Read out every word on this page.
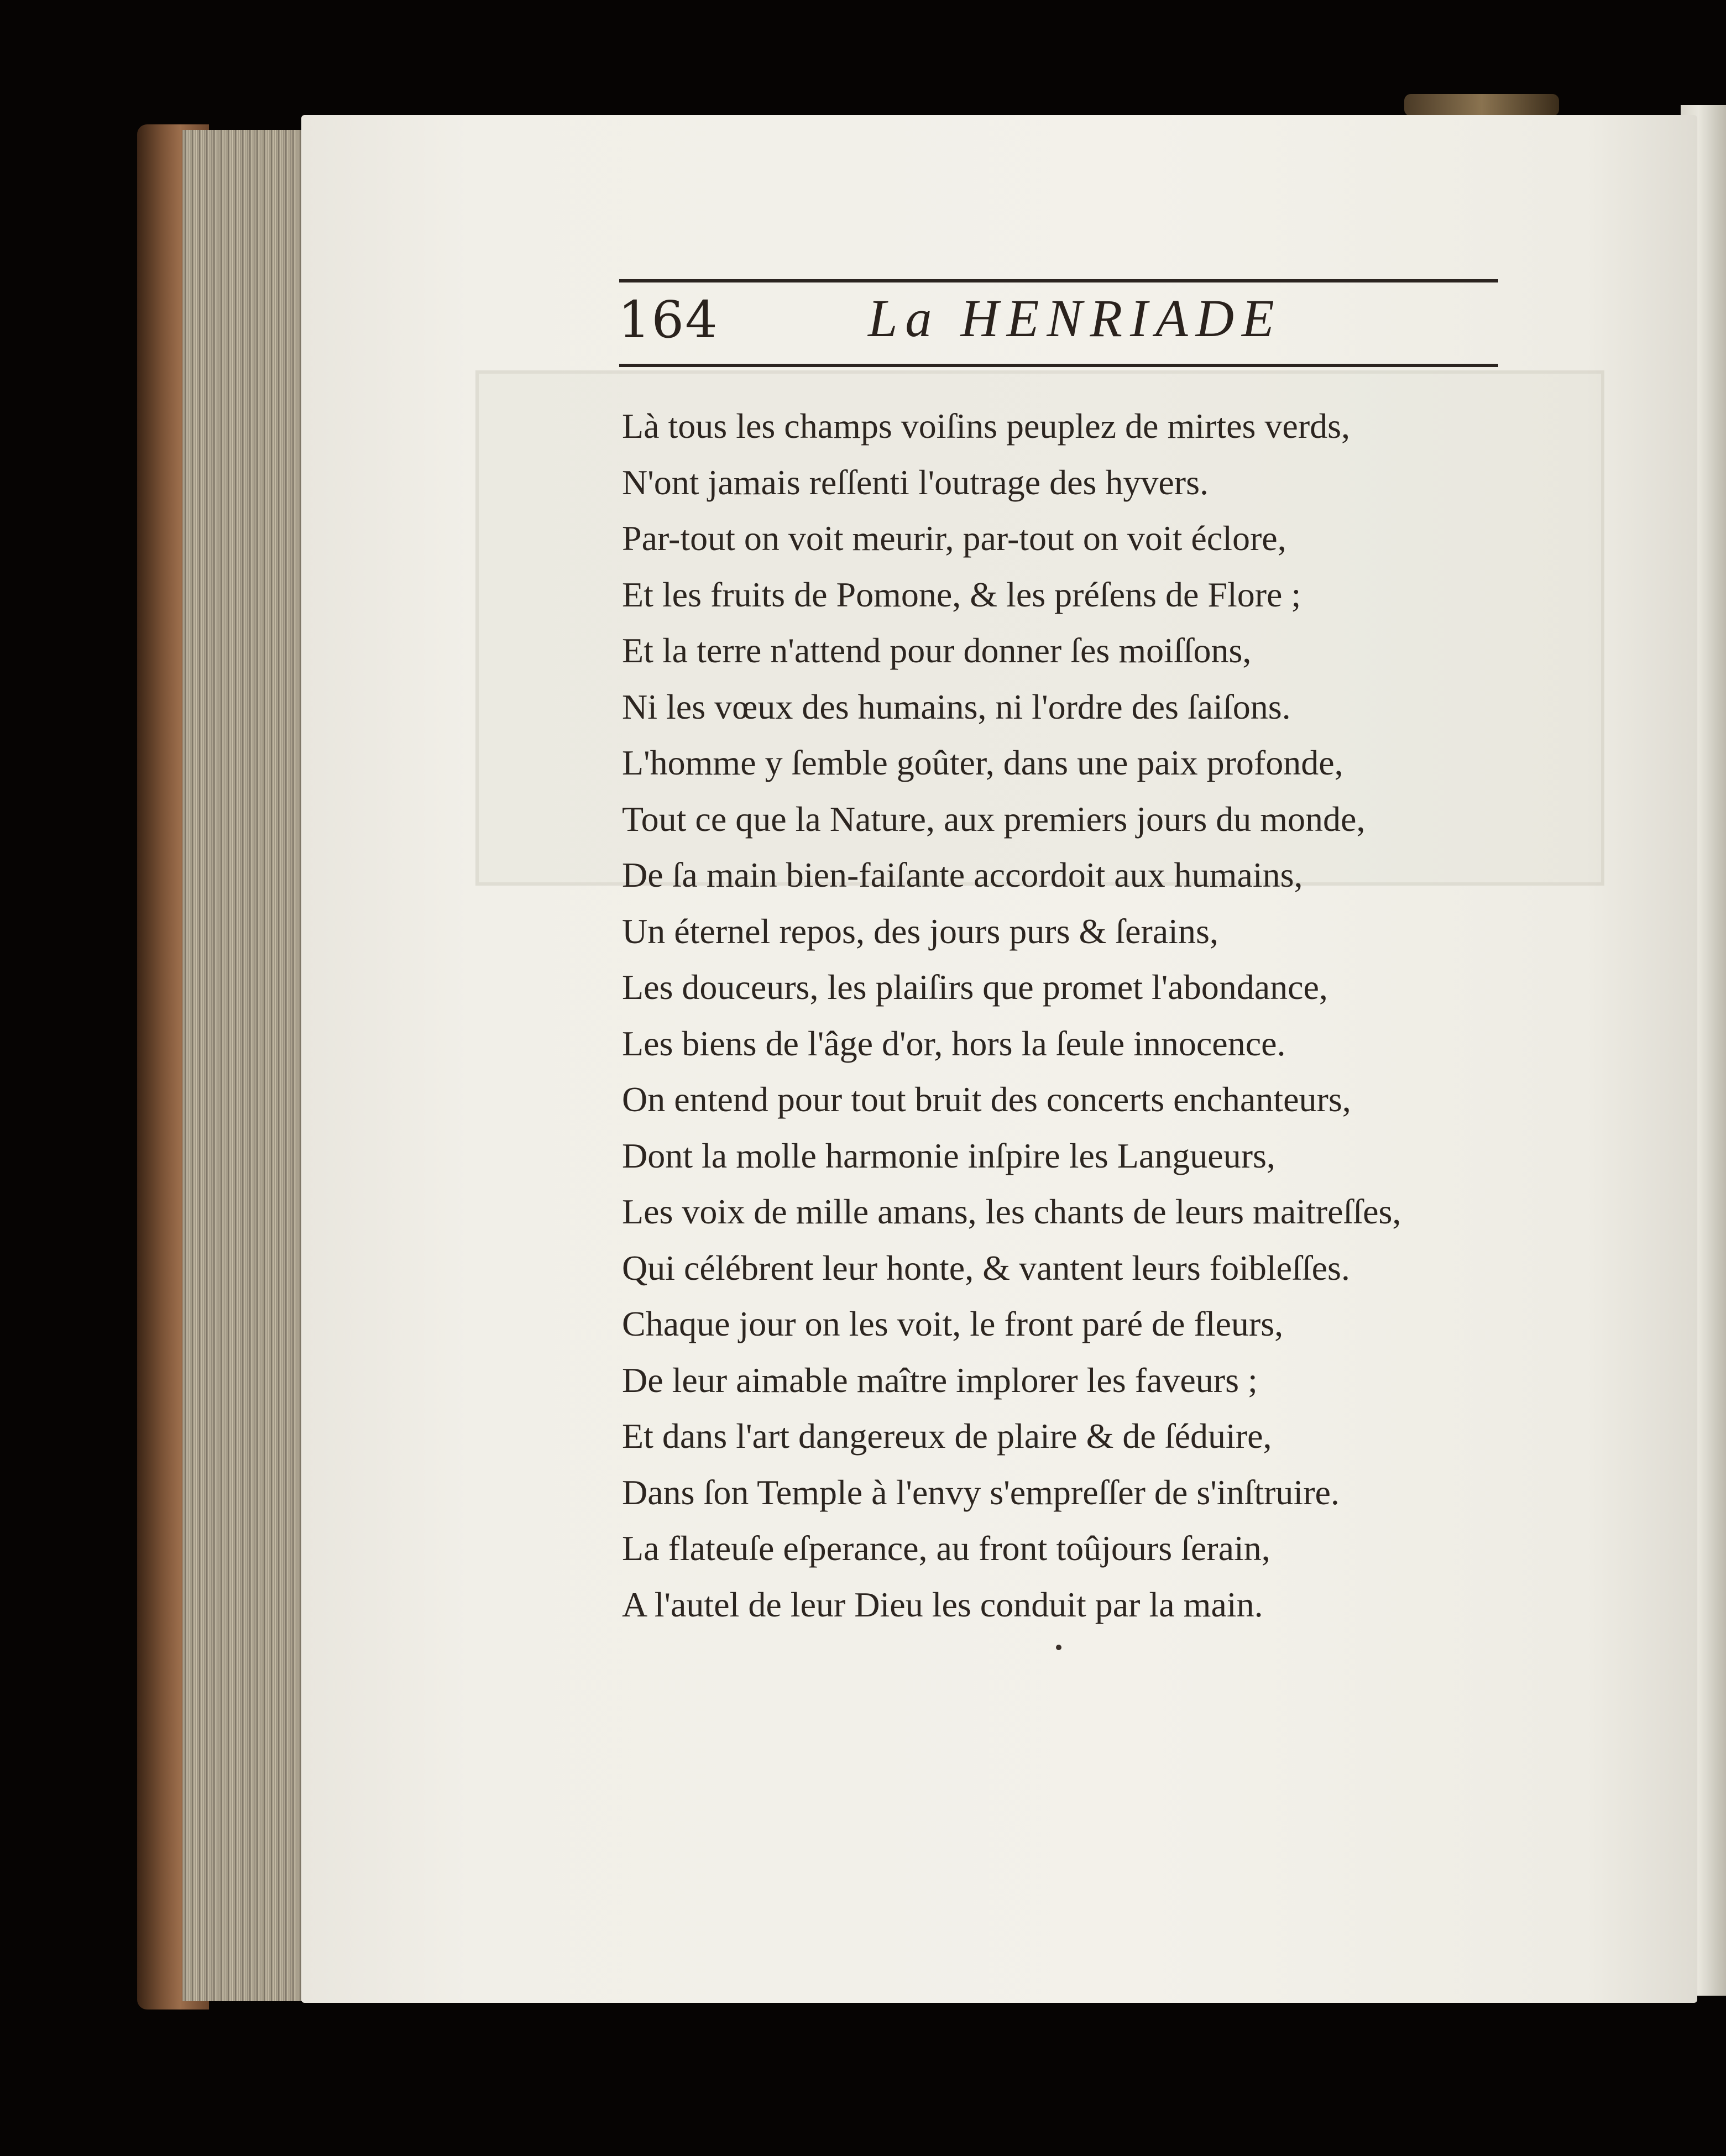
164	La HENRIADE
Là tous les champs voiſins peuplez de mirtes verds,
N'ont jamais reſſenti l'outrage des hyvers.
Par-tout on voit meurir, par-tout on voit éclore,
Et les fruits de Pomone, & les préſens de Flore ;
Et la terre n'attend pour donner ſes moiſſons,
Ni les vœux des humains, ni l'ordre des ſaiſons.
L'homme y ſemble goûter, dans une paix profonde,
Tout ce que la Nature, aux premiers jours du monde,
De ſa main bien-faiſante accordoit aux humains,
Un éternel repos, des jours purs & ſerains,
Les douceurs, les plaiſirs que promet l'abondance,
Les biens de l'âge d'or, hors la ſeule innocence.
On entend pour tout bruit des concerts enchanteurs,
Dont la molle harmonie inſpire les Langueurs,
Les voix de mille amans, les chants de leurs maitreſſes,
Qui célébrent leur honte, & vantent leurs foibleſſes.
Chaque jour on les voit, le front paré de fleurs,
De leur aimable maître implorer les faveurs ;
Et dans l'art dangereux de plaire & de ſéduire,
Dans ſon Temple à l'envy s'empreſſer de s'inſtruire.
La flateuſe eſperance, au front toûjours ſerain,
A l'autel de leur Dieu les conduit par la main.
